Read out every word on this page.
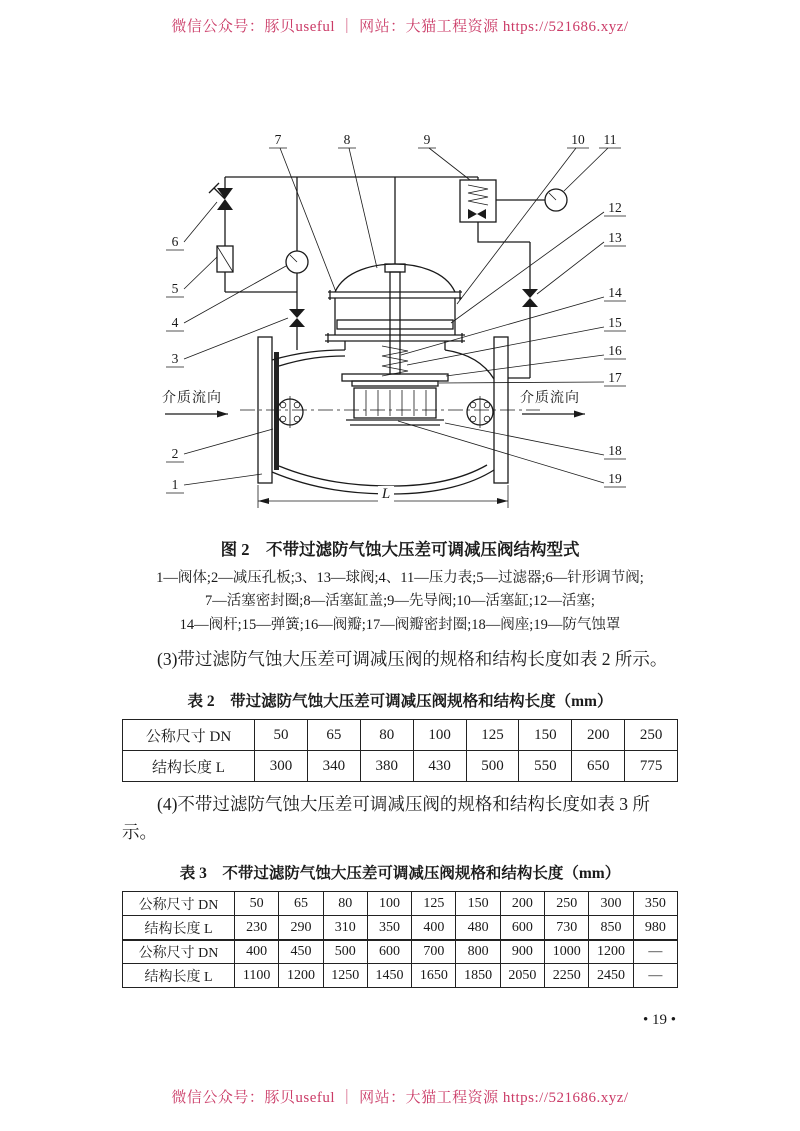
微信公众号：豚贝useful ｜ 网站：大猫工程资源 https://521686.xyz/
介质流向	介质流向
L
1
2
3
4
5
6
7	8	9	10 11
12
13
14
15
16
17
18
19
图 2　不带过滤防气蚀大压差可调减压阀结构型式
1—阀体;2—减压孔板;3、13—球阀;4、11—压力表;5—过滤器;6—针形调节阀;
7—活塞密封圈;8—活塞缸盖;9—先导阀;10—活塞缸;12—活塞;
14—阀杆;15—弹簧;16—阀瓣;17—阀瓣密封圈;18—阀座;19—防气蚀罩

(3)带过滤防气蚀大压差可调减压阀的规格和结构长度如表 2 所示。

表 2　带过滤防气蚀大压差可调减压阀规格和结构长度（mm）
公称尺寸 DN	50	65	80	100	125	150	200	250
结构长度 L	300	340	380	430	500	550	650	775

(4)不带过滤防气蚀大压差可调减压阀的规格和结构长度如表 3 所示。

表 3　不带过滤防气蚀大压差可调减压阀规格和结构长度（mm）
公称尺寸 DN	50	65	80	100	125	150	200	250	300	350
结构长度 L	230	290	310	350	400	480	600	730	850	980
公称尺寸 DN	400	450	500	600	700	800	900	1000	1200	—
结构长度 L	1100	1200	1250	1450	1650	1850	2050	2250	2450	—
• 19 •
微信公众号：豚贝useful ｜ 网站：大猫工程资源 https://521686.xyz/
